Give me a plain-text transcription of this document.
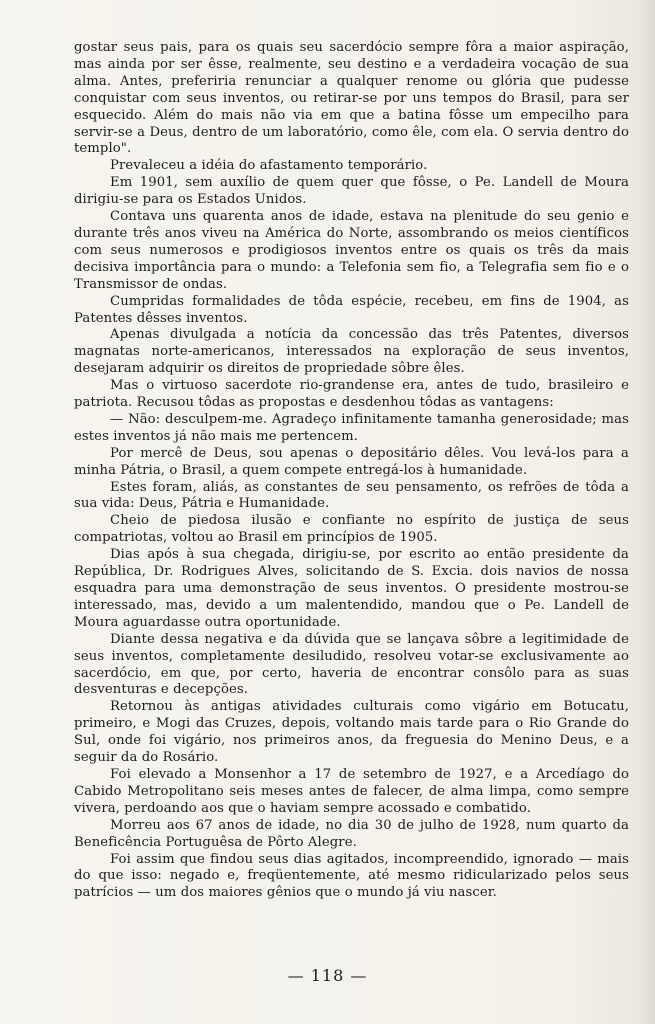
gostar seus pais, para os quais seu sacerdócio sempre fôra a maior aspiração, mas ainda por ser êsse, realmente, seu destino e a verdadeira vocação de sua alma. Antes, preferiria renunciar a qualquer renome ou glória que pudesse conquistar com seus inventos, ou retirar-se por uns tempos do Brasil, para ser esquecido. Além do mais não via em que a batina fôsse um empecilho para servir-se a Deus, dentro de um laboratório, como êle, com ela. O servia dentro do templo".

Prevaleceu a idéia do afastamento temporário.

Em 1901, sem auxílio de quem quer que fôsse, o Pe. Landell de Moura dirigiu-se para os Estados Unidos.

Contava uns quarenta anos de idade, estava na plenitude do seu genio e durante três anos viveu na América do Norte, assombrando os meios científicos com seus numerosos e prodigiosos inventos entre os quais os três da mais decisiva importância para o mundo: a Telefonia sem fio, a Telegrafia sem fio e o Transmissor de ondas.

Cumpridas formalidades de tôda espécie, recebeu, em fins de 1904, as Patentes dêsses inventos.

Apenas divulgada a notícia da concessão das três Patentes, diversos magnatas norte-americanos, interessados na exploração de seus inventos, desejaram adquirir os direitos de propriedade sôbre êles.

Mas o virtuoso sacerdote rio-grandense era, antes de tudo, brasileiro e patriota. Recusou tôdas as propostas e desdenhou tôdas as vantagens:

— Não: desculpem-me. Agradeço infinitamente tamanha generosidade; mas estes inventos já não mais me pertencem.

Por mercê de Deus, sou apenas o depositário dêles. Vou levá-los para a minha Pátria, o Brasil, a quem compete entregá-los à humanidade.

Estes foram, aliás, as constantes de seu pensamento, os refrões de tôda a sua vida: Deus, Pátria e Humanidade.

Cheio de piedosa ilusão e confiante no espírito de justiça de seus compatriotas, voltou ao Brasil em princípios de 1905.

Dias após à sua chegada, dirigiu-se, por escrito ao então presidente da República, Dr. Rodrigues Alves, solicitando de S. Excia. dois navios de nossa esquadra para uma demonstração de seus inventos. O presidente mostrou-se interessado, mas, devido a um malentendido, mandou que o Pe. Landell de Moura aguardasse outra oportunidade.

Diante dessa negativa e da dúvida que se lançava sôbre a legitimidade de seus inventos, completamente desiludido, resolveu votar-se exclusivamente ao sacerdócio, em que, por certo, haveria de encontrar consôlo para as suas desventuras e decepções.

Retornou às antigas atividades culturais como vigário em Botucatu, primeiro, e Mogi das Cruzes, depois, voltando mais tarde para o Rio Grande do Sul, onde foi vigário, nos primeiros anos, da freguesia do Menino Deus, e a seguir da do Rosário.

Foi elevado a Monsenhor a 17 de setembro de 1927, e a Arcedíago do Cabido Metropolitano seis meses antes de falecer, de alma limpa, como sempre vivera, perdoando aos que o haviam sempre acossado e combatido.

Morreu aos 67 anos de idade, no dia 30 de julho de 1928, num quarto da Beneficência Portuguêsa de Pôrto Alegre.

Foi assim que findou seus dias agitados, incompreendido, ignorado — mais do que isso: negado e, freqüentemente, até mesmo ridicularizado pelos seus patrícios — um dos maiores gênios que o mundo já viu nascer.

— 118 —
